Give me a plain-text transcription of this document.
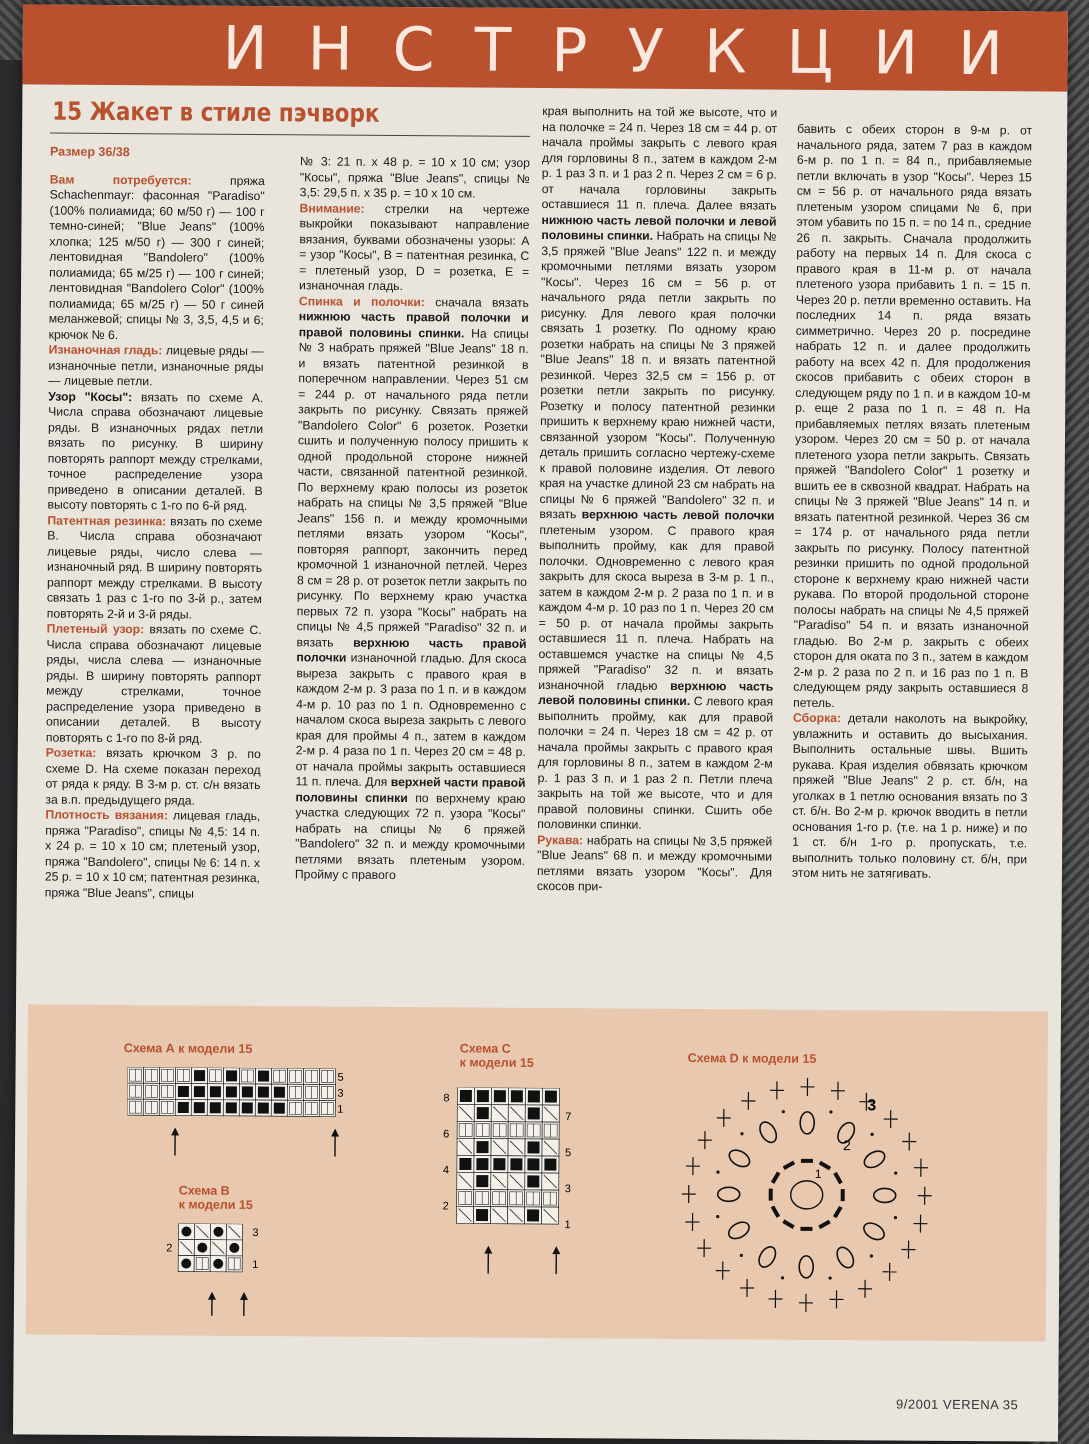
ИНСТРУКЦИИ
15 Жакет в стиле пэчворк
Размер 36/38

Вам потребуется: пряжа Schachenmayr: фасонная "Paradiso" (100% полиамида; 60 м/50 г) — 100 г темно-синей; "Blue Jeans" (100% хлопка; 125 м/50 г) — 300 г синей; лентовидная "Bandolero" (100% полиамида; 65 м/25 г) — 100 г синей; лентовидная "Bandolero Color" (100% полиамида; 65 м/25 г) — 50 г синей меланжевой; спицы № 3, 3,5, 4,5 и 6; крючок № 6.

Изнаночная гладь: лицевые ряды — изнаночные петли, изнаночные ряды — лицевые петли.

Узор "Косы": вязать по схеме А. Числа справа обозначают лицевые ряды. В изнаночных рядах петли вязать по рисунку. В ширину повторять раппорт между стрелками, точное распределение узора приведено в описании деталей. В высоту повторять с 1-го по 6-й ряд.

Патентная резинка: вязать по схеме B. Числа справа обозначают лицевые ряды, число слева — изнаночный ряд. В ширину повторять раппорт между стрелками. В высоту связать 1 раз с 1-го по 3-й р., затем повторять 2-й и 3-й ряды.

Плетеный узор: вязать по схеме С. Числа справа обозначают лицевые ряды, числа слева — изнаночные ряды. В ширину повторять раппорт между стрелками, точное распределение узора приведено в описании деталей. В высоту повторять с 1-го по 8-й ряд.

Розетка: вязать крючком 3 р. по схеме D. На схеме показан переход от ряда к ряду. В 3-м р. ст. с/н вязать за в.п. предыдущего ряда.

Плотность вязания: лицевая гладь, пряжа "Paradiso", спицы № 4,5: 14 п. х 24 р. = 10 х 10 см; плетеный узор, пряжа "Bandolero", спицы № 6: 14 п. х 25 р. = 10 х 10 см; патентная резинка, пряжа "Blue Jeans", спицы

№ 3: 21 п. х 48 р. = 10 х 10 см; узор "Косы", пряжа "Blue Jeans", спицы № 3,5: 29,5 п. х 35 р. = 10 х 10 см.

Внимание: стрелки на чертеже выкройки показывают направление вязания, буквами обозначены узоры: A = узор "Косы", B = патентная резинка, C = плетеный узор, D = розетка, E = изнаночная гладь.

Спинка и полочки: сначала вязать нижнюю часть правой полочки и правой половины спинки. На спицы № 3 набрать пряжей "Blue Jeans" 18 п. и вязать патентной резинкой в поперечном направлении. Через 51 см = 244 р. от начального ряда петли закрыть по рисунку. Связать пряжей "Bandolero Color" 6 розеток. Розетки сшить и полученную полосу пришить к одной продольной стороне нижней части, связанной патентной резинкой. По верхнему краю полосы из розеток набрать на спицы № 3,5 пряжей "Blue Jeans" 156 п. и между кромочными петлями вязать узором "Косы", повторяя раппорт, закончить перед кромочной 1 изнаночной петлей. Через 8 см = 28 р. от розеток петли закрыть по рисунку. По верхнему краю участка первых 72 п. узора "Косы" набрать на спицы № 4,5 пряжей "Paradiso" 32 п. и вязать верхнюю часть правой полочки изнаночной гладью. Для скоса выреза закрыть с правого края в каждом 2-м р. 3 раза по 1 п. и в каждом 4-м р. 10 раз по 1 п. Одновременно с началом скоса выреза закрыть с левого края для проймы 4 п., затем в каждом 2-м р. 4 раза по 1 п. Через 20 см = 48 р. от начала проймы закрыть оставшиеся 11 п. плеча. Для верхней части правой половины спинки по верхнему краю участка следующих 72 п. узора "Косы" набрать на спицы № 6 пряжей "Bandolero" 32 п. и между кромочными петлями вязать плетеным узором. Пройму с правого

края выполнить на той же высоте, что и на полочке = 24 п. Через 18 см = 44 р. от начала проймы закрыть с левого края для горловины 8 п., затем в каждом 2-м р. 1 раз 3 п. и 1 раз 2 п. Через 2 см = 6 р. от начала горловины закрыть оставшиеся 11 п. плеча. Далее вязать нижнюю часть левой полочки и левой половины спинки. Набрать на спицы № 3,5 пряжей "Blue Jeans" 122 п. и между кромочными петлями вязать узором "Косы". Через 16 см = 56 р. от начального ряда петли закрыть по рисунку. Для левого края полочки связать 1 розетку. По одному краю розетки набрать на спицы № 3 пряжей "Blue Jeans" 18 п. и вязать патентной резинкой. Через 32,5 см = 156 р. от розетки петли закрыть по рисунку. Розетку и полосу патентной резинки пришить к верхнему краю нижней части, связанной узором "Косы". Полученную деталь пришить согласно чертежу-схеме к правой половине изделия. От левого края на участке длиной 23 см набрать на спицы № 6 пряжей "Bandolero" 32 п. и вязать верхнюю часть левой полочки плетеным узором. С правого края выполнить пройму, как для правой полочки. Одновременно с левого края закрыть для скоса выреза в 3-м р. 1 п., затем в каждом 2-м р. 2 раза по 1 п. и в каждом 4-м р. 10 раз по 1 п. Через 20 см = 50 р. от начала проймы закрыть оставшиеся 11 п. плеча. Набрать на оставшемся участке на спицы № 4,5 пряжей "Paradiso" 32 п. и вязать изнаночной гладью верхнюю часть левой половины спинки. С левого края выполнить пройму, как для правой полочки = 24 п. Через 18 см = 42 р. от начала проймы закрыть с правого края для горловины 8 п., затем в каждом 2-м р. 1 раз 3 п. и 1 раз 2 п. Петли плеча закрыть на той же высоте, что и для правой половины спинки. Сшить обе половинки спинки.

Рукава: набрать на спицы № 3,5 пряжей "Blue Jeans" 68 п. и между кромочными петлями вязать узором "Косы". Для скосов при-

бавить с обеих сторон в 9-м р. от начального ряда, затем 7 раз в каждом 6-м р. по 1 п. = 84 п., прибавляемые петли включать в узор "Косы". Через 15 см = 56 р. от начального ряда вязать плетеным узором спицами № 6, при этом убавить по 15 п. = по 14 п., средние 26 п. закрыть. Сначала продолжить работу на первых 14 п. Для скоса с правого края в 11-м р. от начала плетеного узора прибавить 1 п. = 15 п. Через 20 р. петли временно оставить. На последних 14 п. ряда вязать симметрично. Через 20 р. посредине набрать 12 п. и далее продолжить работу на всех 42 п. Для продолжения скосов прибавить с обеих сторон в следующем ряду по 1 п. и в каждом 10-м р. еще 2 раза по 1 п. = 48 п. На прибавляемых петлях вязать плетеным узором. Через 20 см = 50 р. от начала плетеного узора петли закрыть. Связать пряжей "Bandolero Color" 1 розетку и вшить ее в сквозной квадрат. Набрать на спицы № 3 пряжей "Blue Jeans" 14 п. и вязать патентной резинкой. Через 36 см = 174 р. от начального ряда петли закрыть по рисунку. Полосу патентной резинки пришить по одной продольной стороне к верхнему краю нижней части рукава. По второй продольной стороне полосы набрать на спицы № 4,5 пряжей "Paradiso" 54 п. и вязать изнаночной гладью. Во 2-м р. закрыть с обеих сторон для оката по 3 п., затем в каждом 2-м р. 2 раза по 2 п. и 16 раз по 1 п. В следующем ряду закрыть оставшиеся 8 петель.

Сборка: детали наколоть на выкройку, увлажнить и оставить до высыхания. Выполнить остальные швы. Вшить рукава. Края изделия обвязать крючком пряжей "Blue Jeans" 2 р. ст. б/н, на уголках в 1 петлю основания вязать по 3 ст. б/н. Во 2-м р. крючок вводить в петли основания 1-го р. (т.е. на 1 р. ниже) и по 1 ст. б/н 1-го р. пропускать, т.е. выполнить только половину ст. б/н, при этом нить не затягивать.

Схема А к модели 15
5
3
1
Схема В
к модели 15
3
2
1
Схема С
к модели 15
8
6
4
2
7
5
3
1
Схема D к модели 15
3
2
1
9/2001 VERENA 35
